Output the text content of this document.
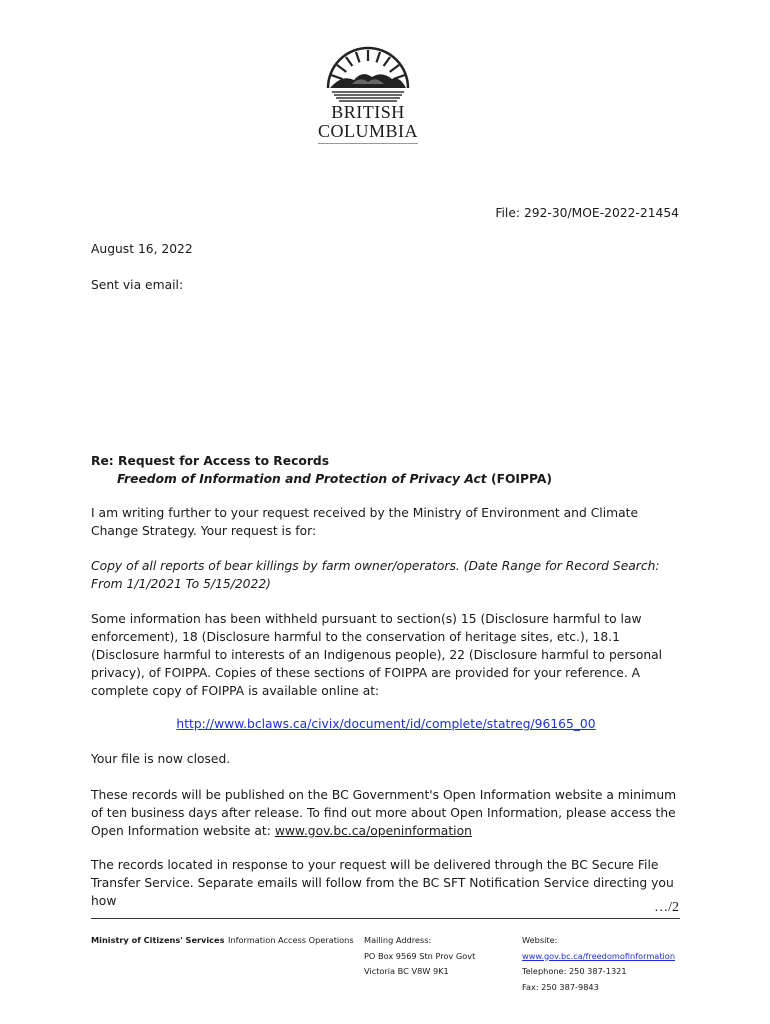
BRITISH
COLUMBIA
File: 292-30/MOE-2022-21454
August 16, 2022
Sent via email:
Re: Request for Access to Records
Freedom of Information and Protection of Privacy Act (FOIPPA)
I am writing further to your request received by the Ministry of Environment and Climate Change Strategy. Your request is for:
Copy of all reports of bear killings by farm owner/operators. (Date Range for Record Search: From 1/1/2021 To 5/15/2022)
Some information has been withheld pursuant to section(s) 15 (Disclosure harmful to law enforcement), 18 (Disclosure harmful to the conservation of heritage sites, etc.), 18.1 (Disclosure harmful to interests of an Indigenous people), 22 (Disclosure harmful to personal privacy), of FOIPPA. Copies of these sections of FOIPPA are provided for your reference. A complete copy of FOIPPA is available online at:
http://www.bclaws.ca/civix/document/id/complete/statreg/96165_00
Your file is now closed.
These records will be published on the BC Government's Open Information website a minimum of ten business days after release. To find out more about Open Information, please access the Open Information website at: www.gov.bc.ca/openinformation
The records located in response to your request will be delivered through the BC Secure File Transfer Service. Separate emails will follow from the BC SFT Notification Service directing you how	…/2
Ministry of Citizens' Services Information Access Operations Mailing Address:
PO Box 9569 Stn Prov Govt
Victoria BC V8W 9K1
Website:
www.gov.bc.ca/freedomofinformation
Telephone: 250 387-1321
Fax: 250 387-9843
